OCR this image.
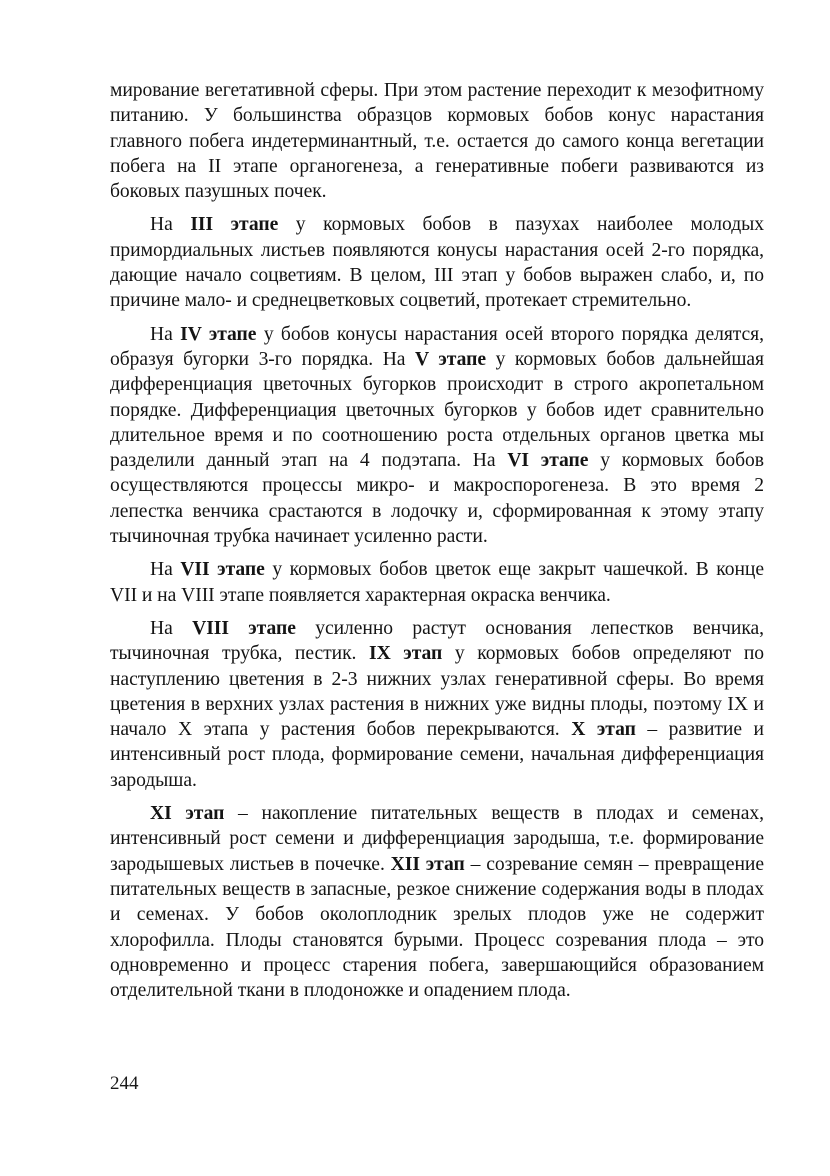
мирование вегетативной сферы. При этом растение переходит к мезофитному питанию. У большинства образцов кормовых бобов конус нарастания главного побега индетерминантный, т.е. остается до самого конца вегетации побега на II этапе органогенеза, а генеративные побеги развиваются из боковых пазушных почек.

На III этапе у кормовых бобов в пазухах наиболее молодых примордиальных листьев появляются конусы нарастания осей 2-го порядка, дающие начало соцветиям. В целом, III этап у бобов выражен слабо, и, по причине мало- и среднецветковых соцветий, протекает стремительно.

На IV этапе у бобов конусы нарастания осей второго порядка делятся, образуя бугорки 3-го порядка. На V этапе у кормовых бобов дальнейшая дифференциация цветочных бугорков происходит в строго акропетальном порядке. Дифференциация цветочных бугорков у бобов идет сравнительно длительное время и по соотношению роста отдельных органов цветка мы разделили данный этап на 4 подэтапа. На VI этапе у кормовых бобов осуществляются процессы микро- и макроспорогенеза. В это время 2 лепестка венчика срастаются в лодочку и, сформированная к этому этапу тычиночная трубка начинает усиленно расти.

На VII этапе у кормовых бобов цветок еще закрыт чашечкой. В конце VII и на VIII этапе появляется характерная окраска венчика.

На VIII этапе усиленно растут основания лепестков венчика, тычиночная трубка, пестик. IX этап у кормовых бобов определяют по наступлению цветения в 2-3 нижних узлах генеративной сферы. Во время цветения в верхних узлах растения в нижних уже видны плоды, поэтому IX и начало X этапа у растения бобов перекрываются. X этап – развитие и интенсивный рост плода, формирование семени, начальная дифференциация зародыша.

XI этап – накопление питательных веществ в плодах и семенах, интенсивный рост семени и дифференциация зародыша, т.е. формирование зародышевых листьев в почечке. XII этап – созревание семян – превращение питательных веществ в запасные, резкое снижение содержания воды в плодах и семенах. У бобов околоплодник зрелых плодов уже не содержит хлорофилла. Плоды становятся бурыми. Процесс созревания плода – это одновременно и процесс старения побега, завершающийся образованием отделительной ткани в плодоножке и опадением плода.

244
